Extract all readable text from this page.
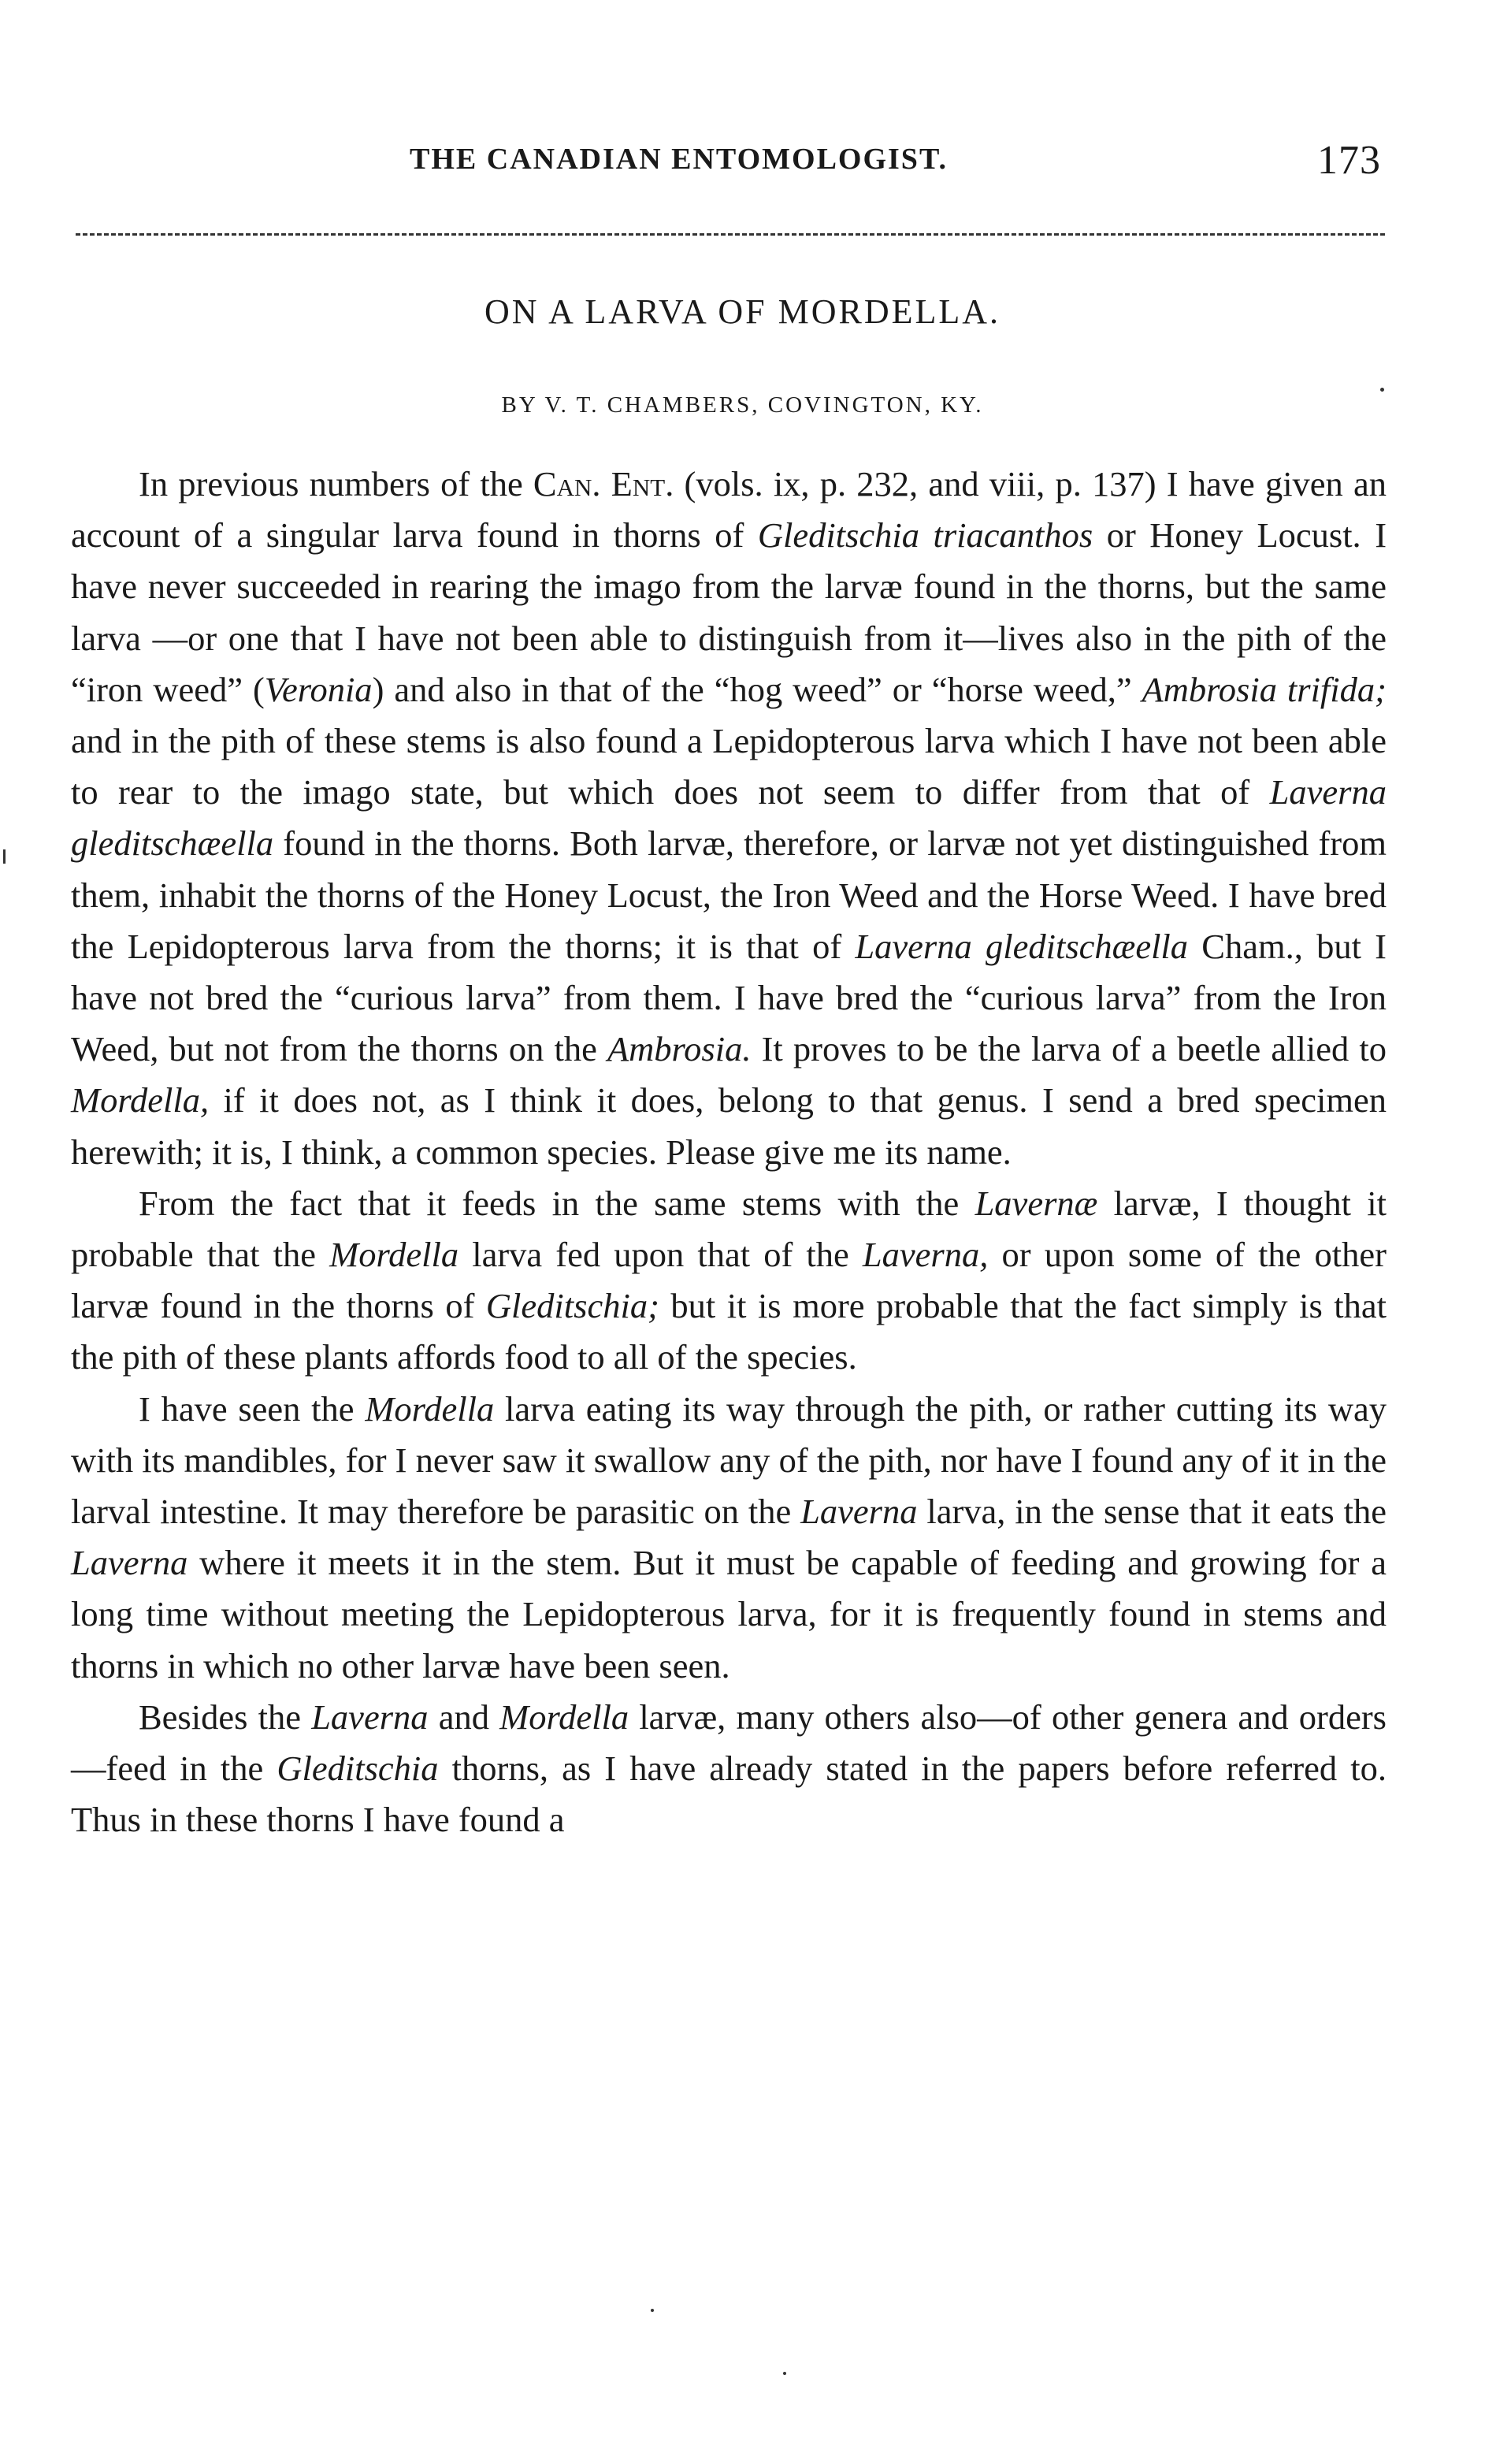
THE CANADIAN ENTOMOLOGIST.	173
ON A LARVA OF MORDELLA.
BY V. T. CHAMBERS, COVINGTON, KY.

In previous numbers of the Can. Ent. (vols. ix, p. 232, and viii, p. 137) I have given an account of a singular larva found in thorns of Gleditschia triacanthos or Honey Locust. I have never succeeded in rearing the imago from the larvæ found in the thorns, but the same larva —or one that I have not been able to distinguish from it—lives also in the pith of the “iron weed” (Veronia) and also in that of the “hog weed” or “horse weed,” Ambrosia trifida; and in the pith of these stems is also found a Lepidopterous larva which I have not been able to rear to the imago state, but which does not seem to differ from that of Laverna gleditschæella found in the thorns. Both larvæ, therefore, or larvæ not yet distinguished from them, inhabit the thorns of the Honey Locust, the Iron Weed and the Horse Weed. I have bred the Lepidopterous larva from the thorns; it is that of Laverna gleditschæella Cham., but I have not bred the “curious larva” from them. I have bred the “curious larva” from the Iron Weed, but not from the thorns on the Ambrosia. It proves to be the larva of a beetle allied to Mordella, if it does not, as I think it does, belong to that genus. I send a bred specimen herewith; it is, I think, a common species. Please give me its name.

From the fact that it feeds in the same stems with the Lavernæ larvæ, I thought it probable that the Mordella larva fed upon that of the Laverna, or upon some of the other larvæ found in the thorns of Gleditschia; but it is more probable that the fact simply is that the pith of these plants affords food to all of the species.

I have seen the Mordella larva eating its way through the pith, or rather cutting its way with its mandibles, for I never saw it swallow any of the pith, nor have I found any of it in the larval intestine. It may therefore be parasitic on the Laverna larva, in the sense that it eats the Laverna where it meets it in the stem. But it must be capable of feeding and growing for a long time without meeting the Lepidopterous larva, for it is frequently found in stems and thorns in which no other larvæ have been seen.

Besides the Laverna and Mordella larvæ, many others also—of other genera and orders—feed in the Gleditschia thorns, as I have already stated in the papers before referred to. Thus in these thorns I have found a
